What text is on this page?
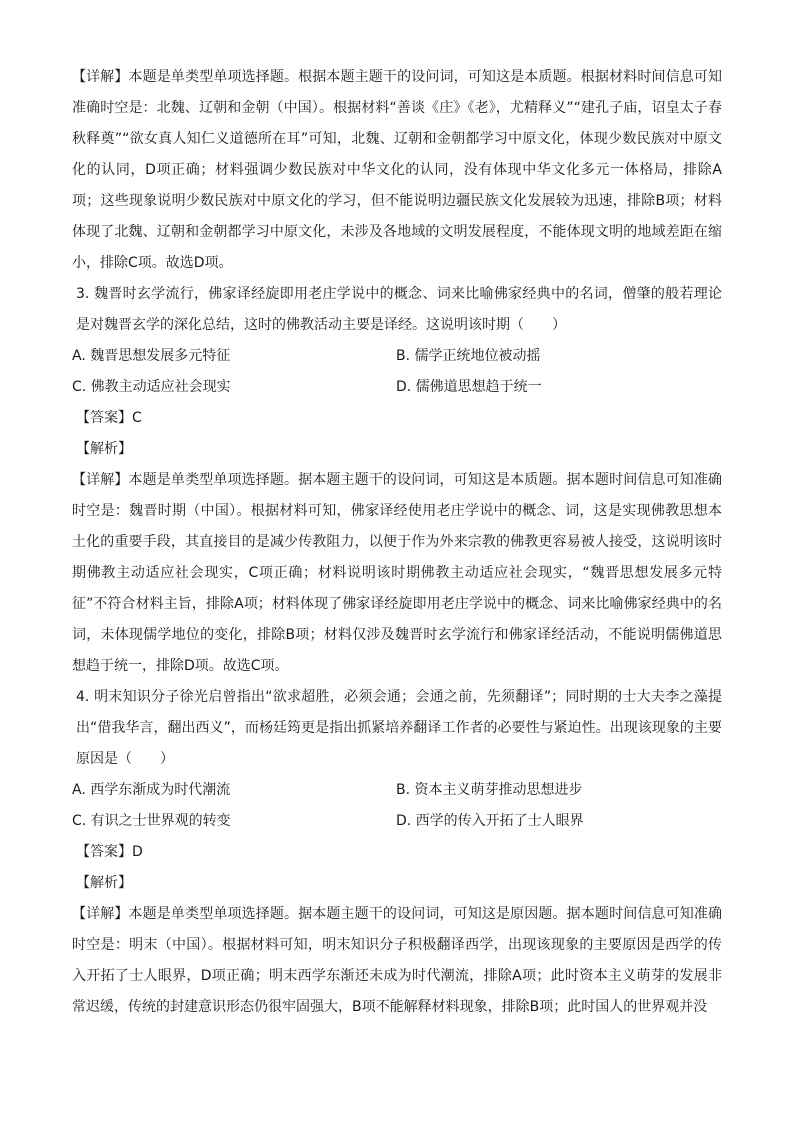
【详解】本题是单类型单项选择题。根据本题主题干的设问词，可知这是本质题。根据材料时间信息可知准确时空是：北魏、辽朝和金朝（中国）。根据材料“善谈《庄》《老》，尤精释义”“建孔子庙，诏皇太子春秋释奠”“欲女真人知仁义道德所在耳”可知，北魏、辽朝和金朝都学习中原文化，体现少数民族对中原文化的认同，D项正确；材料强调少数民族对中华文化的认同，没有体现中华文化多元一体格局，排除A项；这些现象说明少数民族对中原文化的学习，但不能说明边疆民族文化发展较为迅速，排除B项；材料体现了北魏、辽朝和金朝都学习中原文化，未涉及各地域的文明发展程度，不能体现文明的地域差距在缩小，排除C项。故选D项。

3. 魏晋时玄学流行，佛家译经旋即用老庄学说中的概念、词来比喻佛家经典中的名词，僧肇的般若理论是对魏晋玄学的深化总结，这时的佛教活动主要是译经。这说明该时期（　　）

A. 魏晋思想发展多元特征	B. 儒学正统地位被动摇
C. 佛教主动适应社会现实	D. 儒佛道思想趋于统一

【答案】C

【解析】

【详解】本题是单类型单项选择题。据本题主题干的设问词，可知这是本质题。据本题时间信息可知准确时空是：魏晋时期（中国）。根据材料可知，佛家译经使用老庄学说中的概念、词，这是实现佛教思想本土化的重要手段，其直接目的是减少传教阻力，以便于作为外来宗教的佛教更容易被人接受，这说明该时期佛教主动适应社会现实，C项正确；材料说明该时期佛教主动适应社会现实，“魏晋思想发展多元特征”不符合材料主旨，排除A项；材料体现了佛家译经旋即用老庄学说中的概念、词来比喻佛家经典中的名词，未体现儒学地位的变化，排除B项；材料仅涉及魏晋时玄学流行和佛家译经活动，不能说明儒佛道思想趋于统一，排除D项。故选C项。

4. 明末知识分子徐光启曾指出“欲求超胜，必须会通；会通之前，先须翻译”；同时期的士大夫李之藻提出“借我华言，翻出西义”，而杨廷筠更是指出抓紧培养翻译工作者的必要性与紧迫性。出现该现象的主要原因是（　　）

A. 西学东渐成为时代潮流	B. 资本主义萌芽推动思想进步
C. 有识之士世界观的转变	D. 西学的传入开拓了士人眼界

【答案】D

【解析】

【详解】本题是单类型单项选择题。据本题主题干的设问词，可知这是原因题。据本题时间信息可知准确时空是：明末（中国）。根据材料可知，明末知识分子积极翻译西学，出现该现象的主要原因是西学的传入开拓了士人眼界，D项正确；明末西学东渐还未成为时代潮流，排除A项；此时资本主义萌芽的发展非常迟缓，传统的封建意识形态仍很牢固强大，B项不能解释材料现象，排除B项；此时国人的世界观并没
